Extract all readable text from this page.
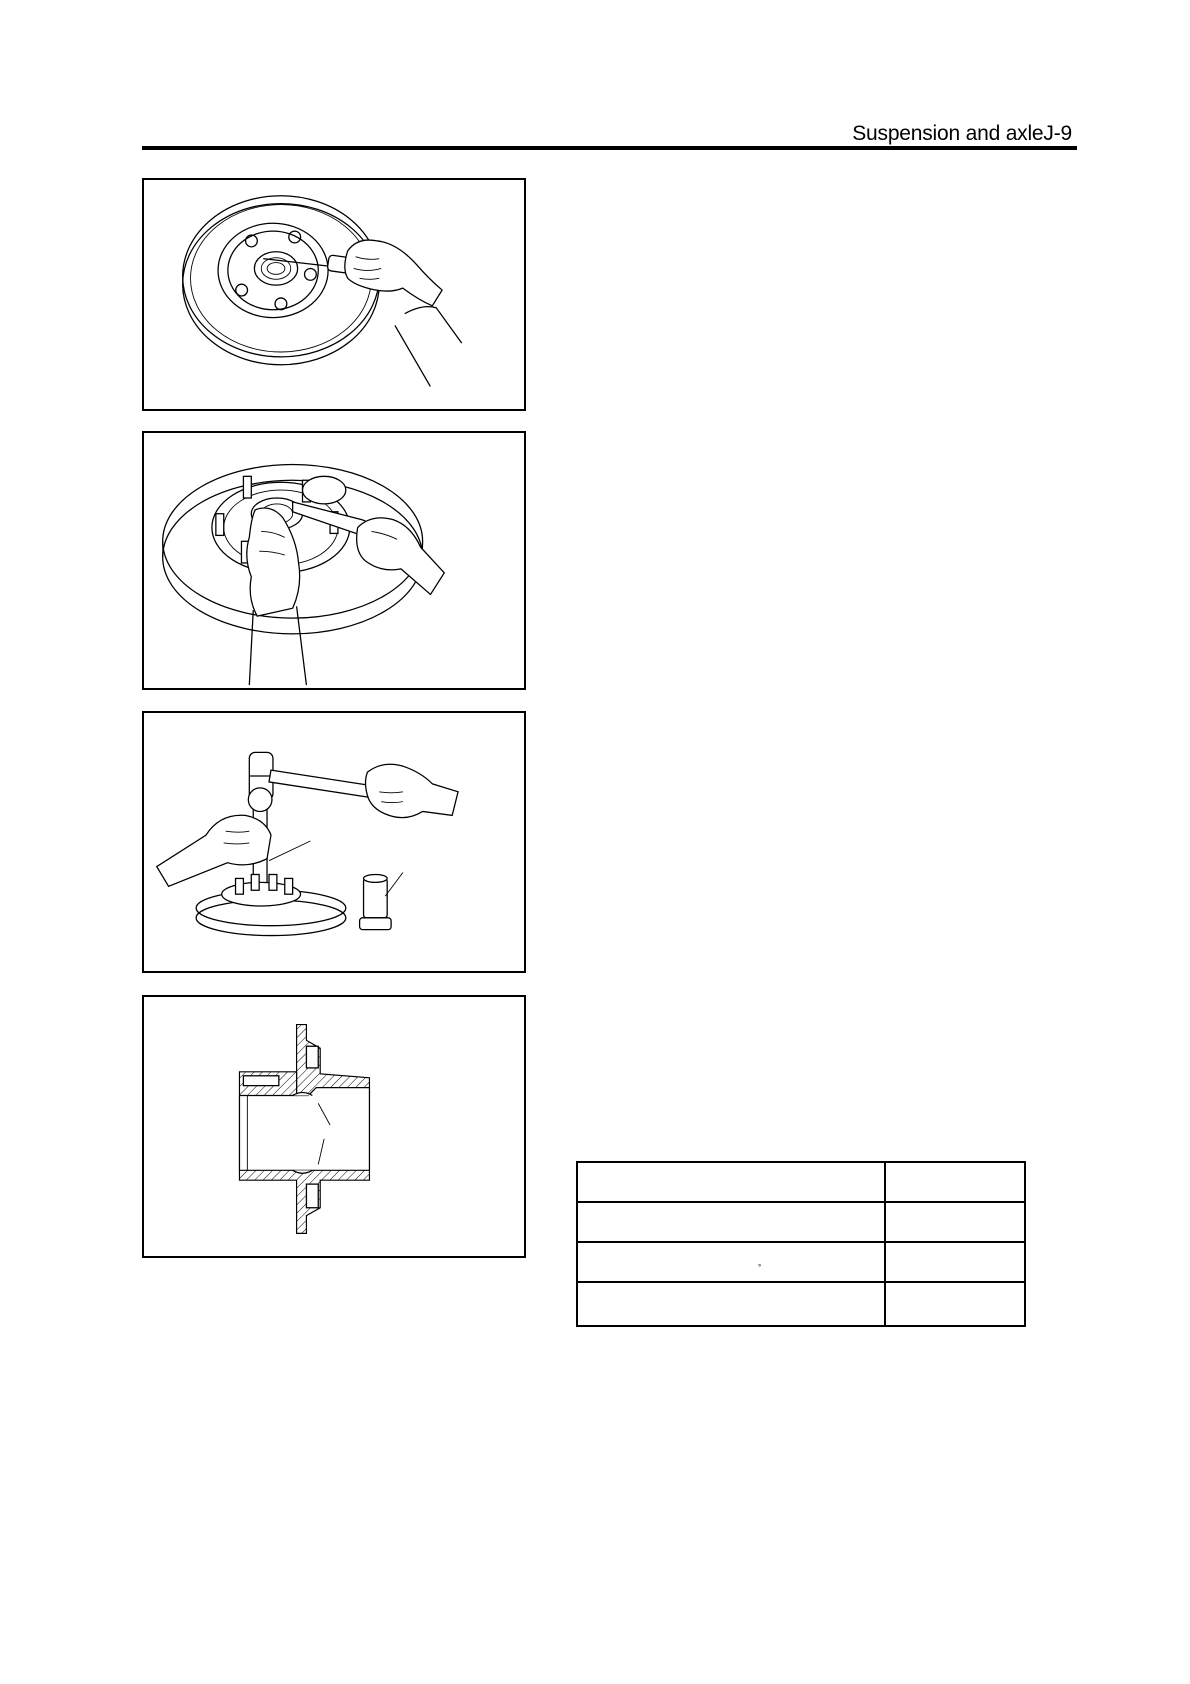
Suspension and axleJ-9

°	
